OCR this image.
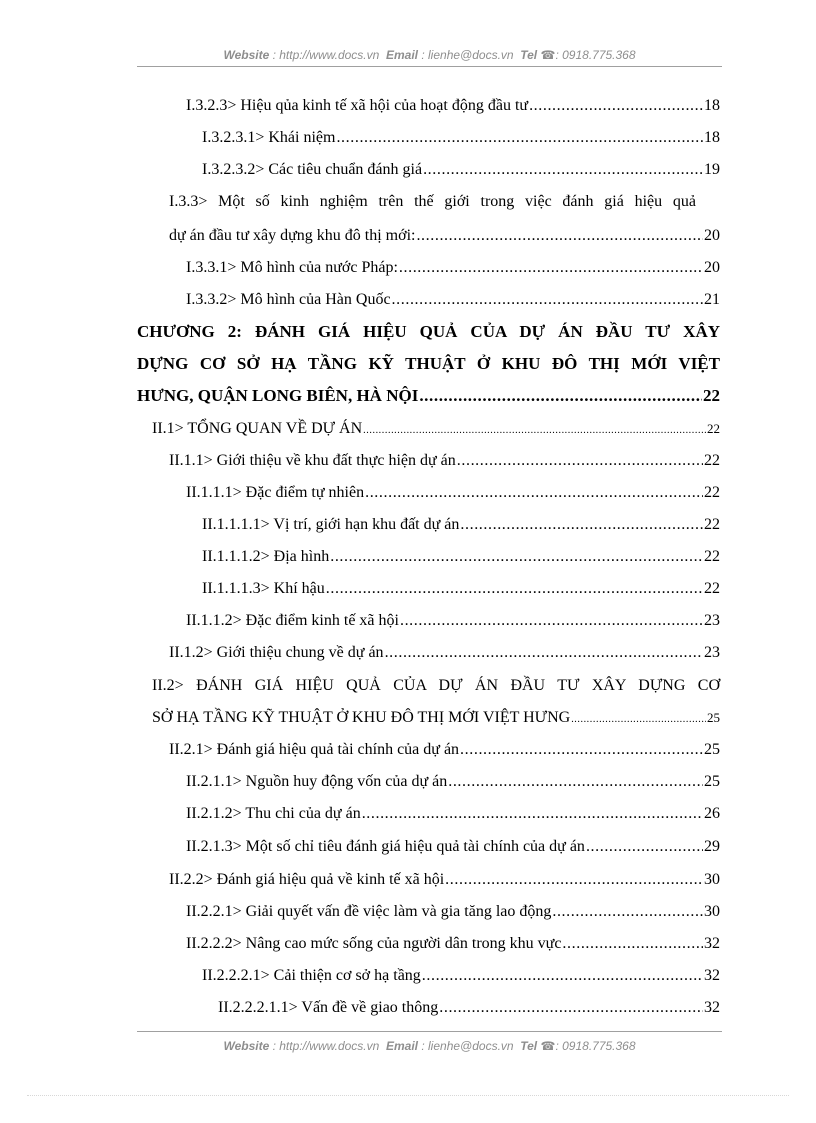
Website : http://www.docs.vn Email : lienhe@docs.vn Tel ☎: 0918.775.368
I.3.2.3> Hiệu qủa kinh tế xã hội của hoạt động đầu tư .....	18
I.3.2.3.1> Khái niệm .....	18
I.3.2.3.2> Các tiêu chuẩn đánh giá .....	19
I.3.3> Một số kinh nghiệm trên thế giới trong việc đánh giá hiệu quả
dự án đầu tư xây dựng khu đô thị mới: .....	20
I.3.3.1> Mô hình của nước Pháp: .....	20
I.3.3.2> Mô hình của Hàn Quốc .....	21
CHƯƠNG 2: ĐÁNH GIÁ HIỆU QUẢ CỦA DỰ ÁN ĐẦU TƯ XÂY
DỰNG CƠ SỞ HẠ TẦNG KỸ THUẬT Ở KHU ĐÔ THỊ MỚI VIỆT
HƯNG, QUẬN LONG BIÊN, HÀ NỘI .....	22
II.1> TỔNG QUAN VỀ DỰ ÁN .....	22
II.1.1> Giới thiệu về khu đất thực hiện dự án .....	22
II.1.1.1> Đặc điểm tự nhiên .....	22
II.1.1.1.1> Vị trí, giới hạn khu đất dự án .....	22
II.1.1.1.2> Địa hình .....	22
II.1.1.1.3> Khí hậu .....	22
II.1.1.2> Đặc điểm kinh tế xã hội .....	23
II.1.2> Giới thiệu chung về dự án .....	23
II.2> ĐÁNH GIÁ HIỆU QUẢ CỦA DỰ ÁN ĐẦU TƯ XÂY DỰNG CƠ
SỞ HẠ TẦNG KỸ THUẬT Ở KHU ĐÔ THỊ MỚI VIỆT HƯNG .....	25
II.2.1> Đánh giá hiệu quả tài chính của dự án .....	25
II.2.1.1> Nguồn huy động vốn của dự án .....	25
II.2.1.2> Thu chi của dự án .....	26
II.2.1.3> Một số chỉ tiêu đánh giá hiệu quả tài chính của dự án .....	29
II.2.2> Đánh giá hiệu quả về kinh tế xã hội .....	30
II.2.2.1> Giải quyết vấn đề việc làm và gia tăng lao động .....	30
II.2.2.2> Nâng cao mức sống của người dân trong khu vực .....	32
II.2.2.2.1> Cải thiện cơ sở hạ tầng .....	32
II.2.2.2.1.1> Vấn đề về giao thông .....	32
Website : http://www.docs.vn Email : lienhe@docs.vn Tel ☎: 0918.775.368
